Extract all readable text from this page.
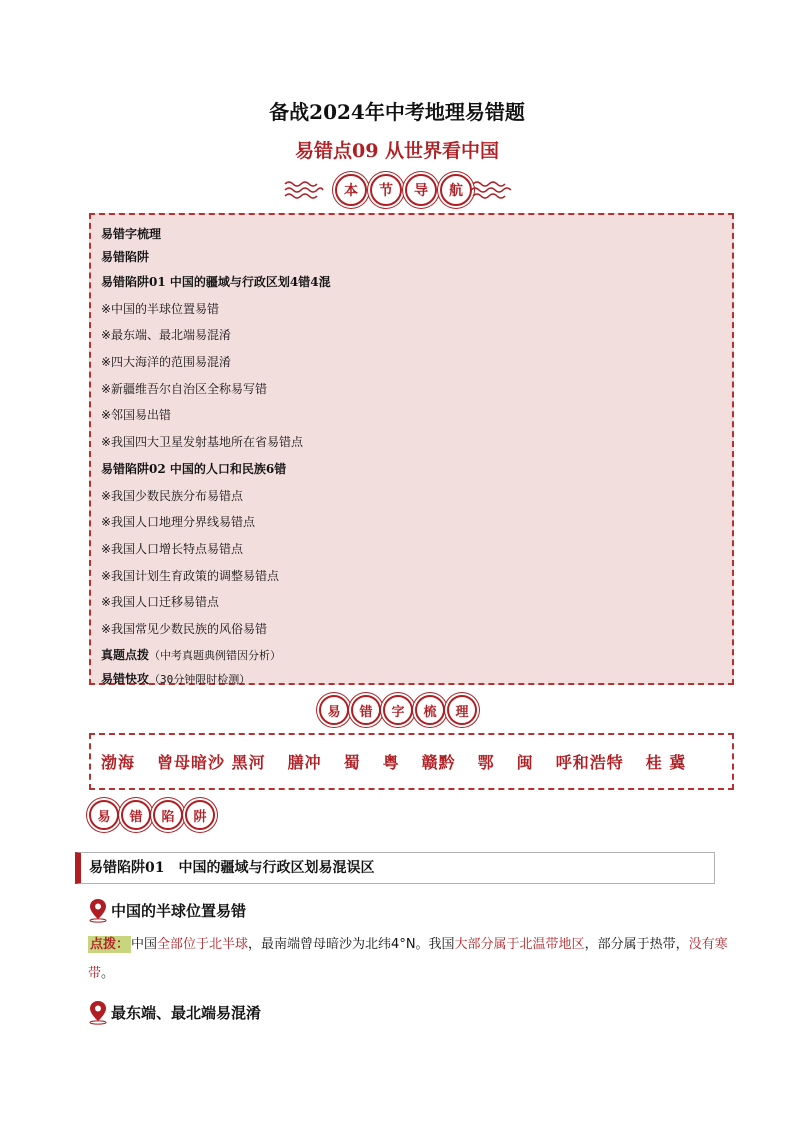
备战2024年中考地理易错题
易错点09 从世界看中国
本	节	导	航
易错字梳理
易错陷阱
易错陷阱01 中国的疆域与行政区划4错4混
※中国的半球位置易错
※最东端、最北端易混淆
※四大海洋的范围易混淆
※新疆维吾尔自治区全称易写错
※邻国易出错
※我国四大卫星发射基地所在省易错点
易错陷阱02 中国的人口和民族6错
※我国少数民族分布易错点
※我国人口地理分界线易错点
※我国人口增长特点易错点
※我国计划生育政策的调整易错点
※我国人口迁移易错点
※我国常见少数民族的风俗易错
真题点拨（中考真题典例错因分析）
易错快攻（30分钟限时检测）
易	错	字	梳	理
渤海 曾母暗沙 黑河 膳冲 蜀 粤 赣黔 鄂 闽 呼和浩特 桂 冀
易	错	陷	阱
易错陷阱01　中国的疆域与行政区划易混误区
中国的半球位置易错
点拨： 中国全部位于北半球，最南端曾母暗沙为北纬4°N。我国大部分属于北温带地区，部分属于热带，没有寒带。
最东端、最北端易混淆
